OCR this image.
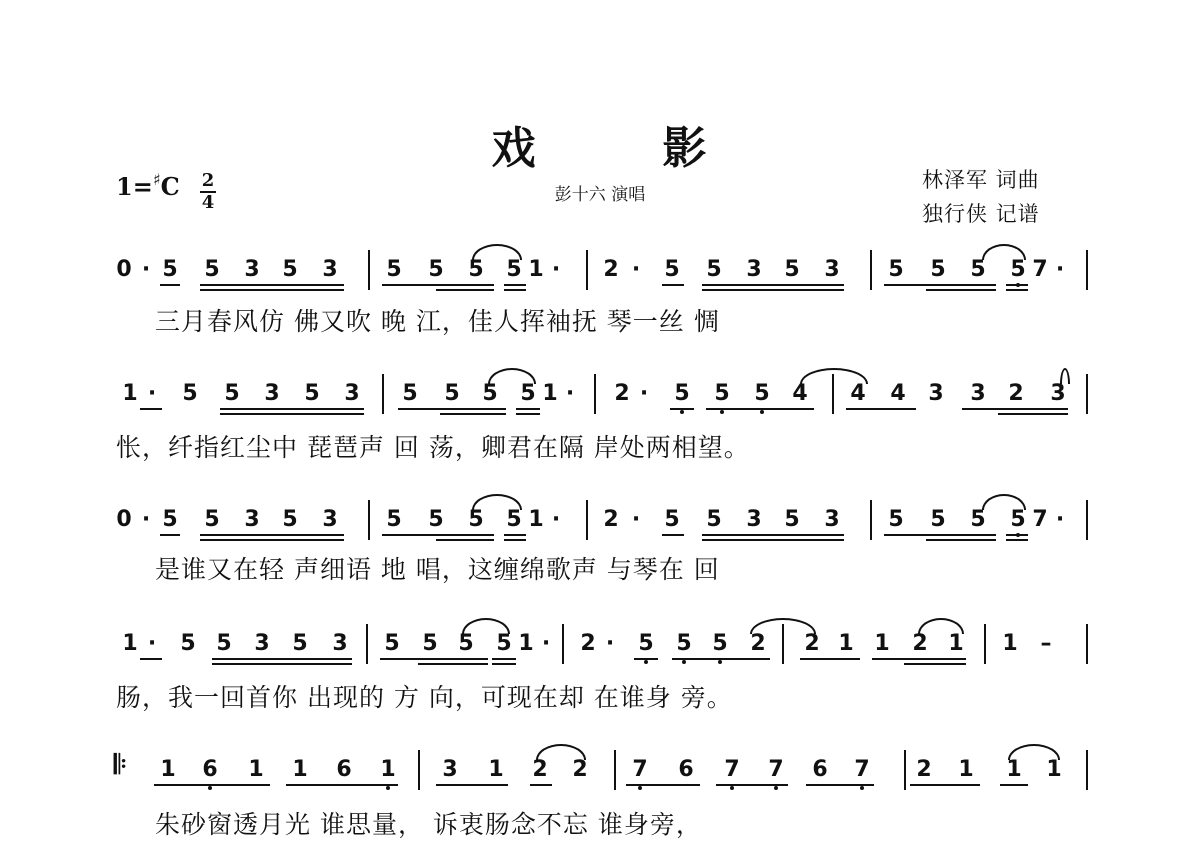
戏	影
彭十六 演唱
林泽军 词曲
独行侠 记谱
1=♯C 2
4
0 · 5 5 3 5 3 5 5 5 5 1 · 2 · 5 5 3 5 3 5 5 5 5 7 ·
1 · 5 5 3 5 3 5 5 5 5 1 · 2 · 5 5 5 4 4 4 3 3 2 3
0 · 5 5 3 5 3 5 5 5 5 1 · 2 · 5 5 3 5 3 5 5 5 5 7 ·
1 · 5 5 3 5 3 5 5 5 5 1 · 2 · 5 5 5 2 2 1 1 2 1 1 –
1 6 1 1 6 1 3 1 2 2 7 6 7 7 6 7 2 1 1 1
𝄆
三月春风仿 佛又吹 晚 江，佳人挥袖抚 琴一丝 惆
怅，纤指红尘中 琵琶声 回 荡，卿君在隔 岸处两相望。
是谁又在轻 声细语 地 唱，这缠绵歌声 与琴在 回
肠，我一回首你 出现的 方 向，可现在却 在谁身 旁。
朱砂窗透月光 谁思量， 诉衷肠念不忘 谁身旁，
